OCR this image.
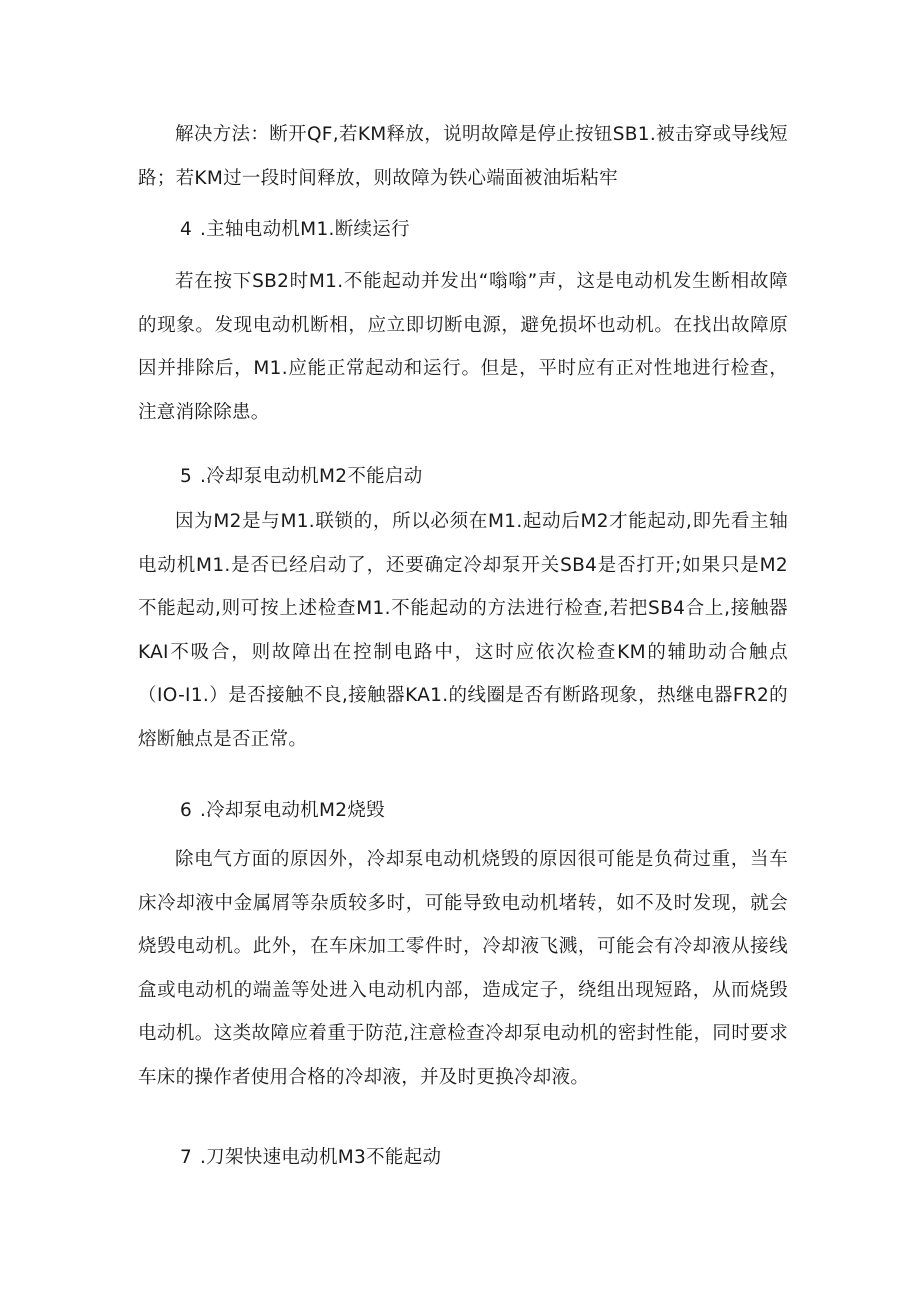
解决方法：断开QF,若KM释放，说明故障是停止按钮SB1.被击穿或导线短路；若KM过一段时间释放，则故障为铁心端面被油垢粘牢

4 .主轴电动机M1.断续运行

若在按下SB2时M1.不能起动并发出“嗡嗡”声，这是电动机发生断相故障的现象。发现电动机断相，应立即切断电源，避免损坏也动机。在找出故障原因并排除后，M1.应能正常起动和运行。但是，平时应有正对性地进行检查，注意消除除患。

5 .冷却泵电动机M2不能启动

因为M2是与M1.联锁的，所以必须在M1.起动后M2才能起动,即先看主轴电动机M1.是否已经启动了，还要确定冷却泵开关SB4是否打开;如果只是M2不能起动,则可按上述检查M1.不能起动的方法进行检查,若把SB4合上,接触器KAI不吸合，则故障出在控制电路中，这时应依次检查KM的辅助动合触点（IO-I1.）是否接触不良,接触器KA1.的线圈是否有断路现象，热继电器FR2的熔断触点是否正常。

6 .冷却泵电动机M2烧毁

除电气方面的原因外，冷却泵电动机烧毁的原因很可能是负荷过重，当车床冷却液中金属屑等杂质较多时，可能导致电动机堵转，如不及时发现，就会烧毁电动机。此外，在车床加工零件时，冷却液飞溅，可能会有冷却液从接线盒或电动机的端盖等处进入电动机内部，造成定子，绕组出现短路，从而烧毁电动机。这类故障应着重于防范,注意检查冷却泵电动机的密封性能，同时要求车床的操作者使用合格的冷却液，并及时更换冷却液。

7 .刀架快速电动机M3不能起动
